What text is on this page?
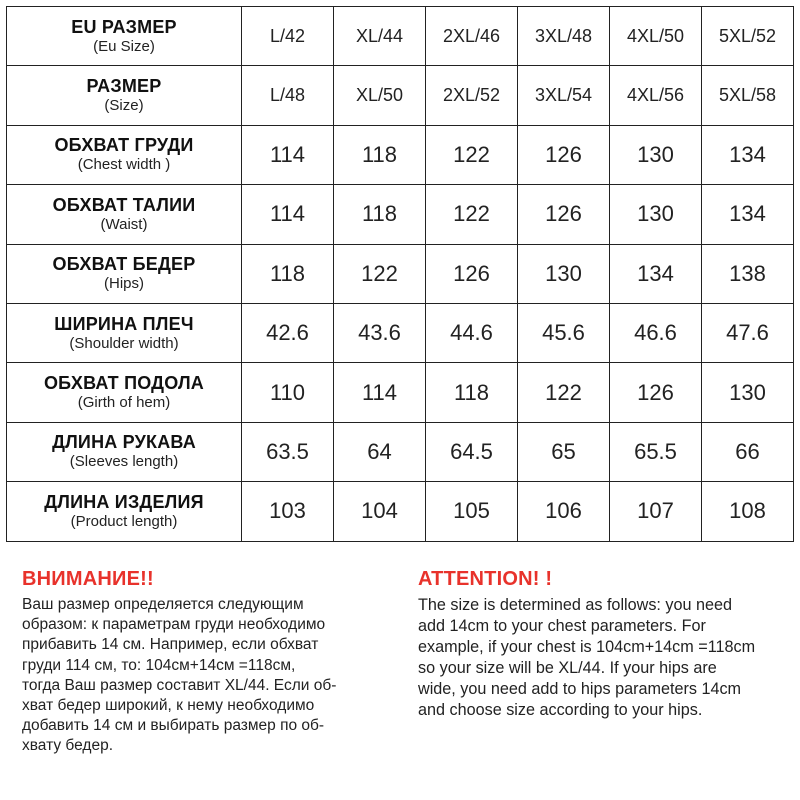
EU РАЗМЕР
(Eu Size)	L/42	XL/44	2XL/46	3XL/48	4XL/50	5XL/52

РАЗМЕР
(Size)	L/48	XL/50	2XL/52	3XL/54	4XL/56	5XL/58

ОБХВАТ ГРУДИ
(Chest width )	114	118	122	126	130	134

ОБХВАТ ТАЛИИ
(Waist)	114	118	122	126	130	134

ОБХВАТ БЕДЕР
(Hips)	118	122	126	130	134	138

ШИРИНА ПЛЕЧ
(Shoulder width)	42.6	43.6	44.6	45.6	46.6	47.6

ОБХВАТ ПОДОЛА
(Girth of hem)	110	114	118	122	126	130

ДЛИНА РУКАВА
(Sleeves length)	63.5	64	64.5	65	65.5	66

ДЛИНА ИЗДЕЛИЯ
(Product length)	103	104	105	106	107	108
ВНИМАНИЕ!!
Ваш размер определяется следующим
образом: к параметрам груди необходимо
прибавить 14 см. Например, если обхват
груди 114 см, то: 104см+14см =118см,
тогда Ваш размер составит XL/44. Если об-
хват бедер широкий, к нему необходимо
добавить 14 см и выбирать размер по об-
хвату бедер.
ATTENTION! !
The size is determined as follows: you need
add 14cm to your chest parameters. For
example, if your chest is 104cm+14cm =118cm
so your size will be XL/44. If your hips are
wide, you need add to hips parameters 14cm
and choose size according to your hips.
